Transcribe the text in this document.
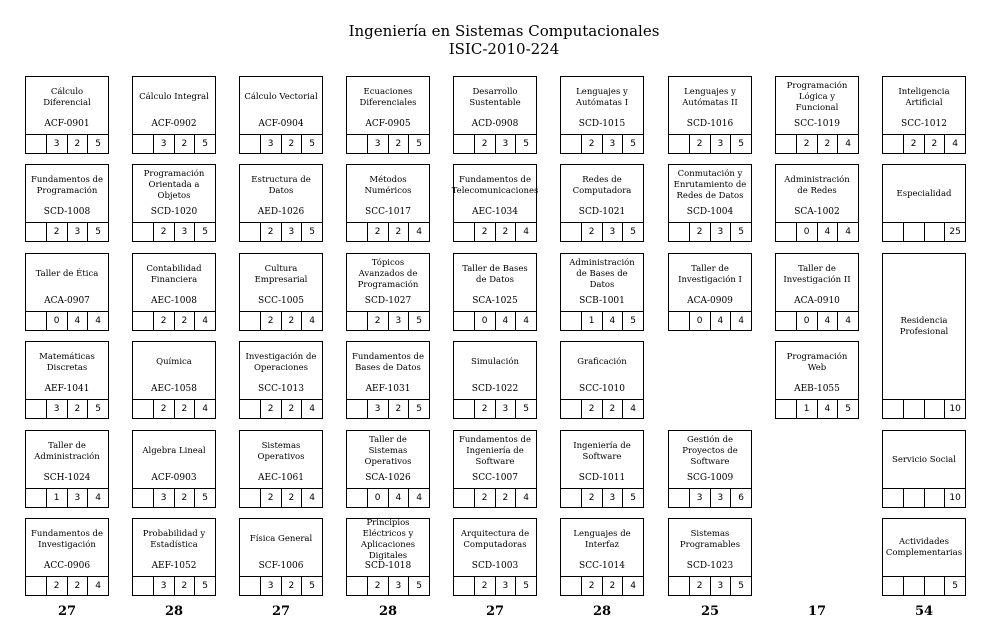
Ingeniería en Sistemas Computacionales
ISIC-2010-224
Cálculo Diferencial
ACF-0901
3	2	5
Fundamentos de Programación
SCD-1008
2	3	5
Taller de Ética
ACA-0907
0	4	4
Matemáticas Discretas
AEF-1041
3	2	5
Taller de Administración
SCH-1024
1	3	4
Fundamentos de Investigación
ACC-0906
2	2	4
27
Cálculo Integral
ACF-0902
3	2	5
Programación Orientada a Objetos
SCD-1020
2	3	5
Contabilidad Financiera
AEC-1008
2	2	4
Química
AEC-1058
2	2	4
Algebra Lineal
ACF-0903
3	2	5
Probabilidad y Estadística
AEF-1052
3	2	5
28
Cálculo Vectorial
ACF-0904
3	2	5
Estructura de Datos
AED-1026
2	3	5
Cultura Empresarial
SCC-1005
2	2	4
Investigación de Operaciones
SCC-1013
2	2	4
Sistemas Operativos
AEC-1061
2	2	4
Física General
SCF-1006
3	2	5
27
Ecuaciones Diferenciales
ACF-0905
3	2	5
Métodos Numéricos
SCC-1017
2	2	4
Tópicos Avanzados de Programación
SCD-1027
2	3	5
Fundamentos de Bases de Datos
AEF-1031
3	2	5
Taller de Sistemas Operativos
SCA-1026
0	4	4
Principios Eléctricos y Aplicaciones Digitales
SCD-1018
2	3	5
28
Desarrollo Sustentable
ACD-0908
2	3	5
Fundamentos de Telecomunicaciones
AEC-1034
2	2	4
Taller de Bases de Datos
SCA-1025
0	4	4
Simulación
SCD-1022
2	3	5
Fundamentos de Ingeniería de Software
SCC-1007
2	2	4
Arquitectura de Computadoras
SCD-1003
2	3	5
27
Lenguajes y Autómatas I
SCD-1015
2	3	5
Redes de Computadora
SCD-1021
2	3	5
Administración de Bases de Datos
SCB-1001
1	4	5
Graficación
SCC-1010
2	2	4
Ingeniería de Software
SCD-1011
2	3	5
Lenguajes de Interfaz
SCC-1014
2	2	4
28
Lenguajes y Autómatas II
SCD-1016
2	3	5
Conmutación y Enrutamiento de Redes de Datos
SCD-1004
2	3	5
Taller de Investigación I
ACA-0909
0	4	4
Gestión de Proyectos de Software
SCG-1009
3	3	6
Sistemas Programables
SCD-1023
2	3	5
25
Programación Lógica y Funcional
SCC-1019
2	2	4
Administración de Redes
SCA-1002
0	4	4
Taller de Investigación II
ACA-0910
0	4	4
Programación Web
AEB-1055
1	4	5
17
Inteligencia Artificial
SCC-1012
2	2	4
Especialidad
25
Residencia Profesional
10
Servicio Social
10
Actividades Complementarias
5
54
